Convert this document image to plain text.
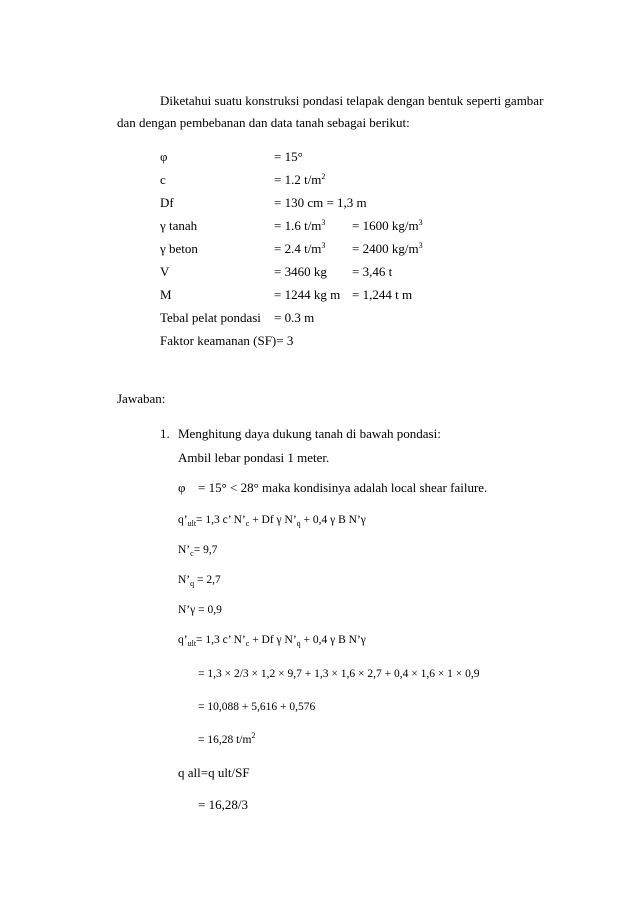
Diketahui suatu konstruksi pondasi telapak dengan bentuk seperti gambar
dan dengan pembebanan dan data tanah sebagai berikut:
φ	= 15°
c	= 1.2 $t/m^2$
Df	= 130 cm = 1,3 m
γ tanah	= 1.6 $t/m^3 = 1600$ $kg/m^3$
γ beton	= 2.4 $t/m^3 = 2400$ $kg/m^3$
V	= 3460 kg = 3,46 t
M	= 1244 kg m = 1,244 t m
Tebal pelat pondasi = 0.3 m
Faktor keamanan (SF)= 3
Jawaban:
1. Menghitung daya dukung tanah di bawah pondasi:
Ambil lebar pondasi 1 meter.
φ = 15° < 28° maka kondisinya adalah local shear failure.
$q’_{ult}= 1,3$ c’ $N’_c + Df$ γ $N’_q + 0,4$ γ B N’γ
$N’_c= 9,7$
$N’_q = 2,7$
N’γ = 0,9
$q’_{ult}= 1,3$ c’ $N’_c + Df$ γ $N’_q + 0,4$ γ B N’γ
= 1,3 × 2/3 × 1,2 × 9,7 + 1,3 × 1,6 × 2,7 + 0,4 × 1,6 × 1 × 0,9
= 10,088 + 5,616 + 0,576
= 16,28 $t/m^2$
q all=q ult/SF
= 16,28/3
